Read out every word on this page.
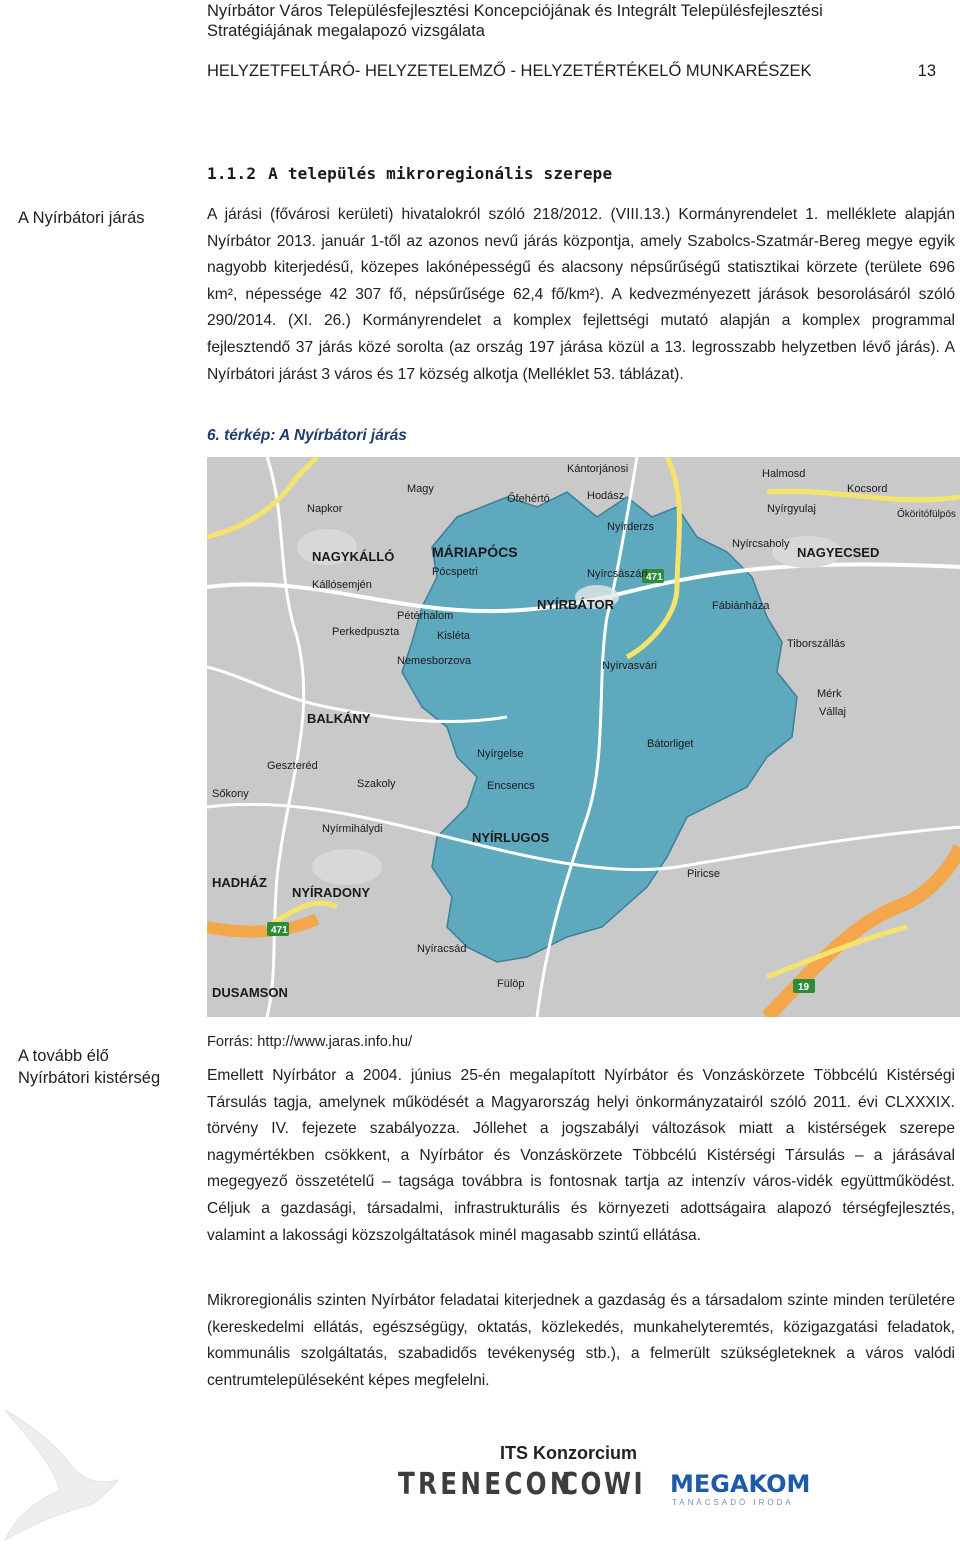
Nyírbátor Város Településfejlesztési Koncepciójának és Integrált Településfejlesztési
Stratégiájának megalapozó vizsgálata
HELYZETFELTÁRÓ- HELYZETELEMZŐ - HELYZETÉRTÉKELŐ MUNKARÉSZEK	13
1.1.2 A település mikroregionális szerepe
A Nyírbátori járás
A tovább élő
Nyírbátori kistérség
A járási (fővárosi kerületi) hivatalokról szóló 218/2012. (VIII.13.) Kormányrendelet 1. melléklete alapján Nyírbátor 2013. január 1-től az azonos nevű járás központja, amely Szabolcs-Szatmár-Bereg megye egyik nagyobb kiterjedésű, közepes lakónépességű és alacsony népsűrűségű statisztikai körzete (területe 696 km², népessége 42 307 fő, népsűrűsége 62,4 fő/km²). A kedvezményezett járások besorolásáról szóló 290/2014. (XI. 26.) Kormányrendelet a komplex fejlettségi mutató alapján a komplex programmal fejlesztendő 37 járás közé sorolta (az ország 197 járása közül a 13. legrosszabb helyzetben lévő járás). A Nyírbátori járást 3 város és 17 község alkotja (Melléklet 53. táblázat).
6. térkép: A Nyírbátori járás
471
19
471
Őfehértó
Magy
Kántorjánosi
Hodász
Napkor
NAGYKÁLLÓ	MÁRIAPÓCS
Pócspetri
Nyírderzs
Nyírcsaholy
NAGYECSED
Kállósemjén
Nyírcsászári
NYÍRBÁTOR	Fábiánháza
Pétérhalom
Kisléta
Tiborszállás
Perkedpuszta
Nemesborzova	Nyírvasvári
Mérk
Vállaj
BALKÁNY
Geszteréd
Nyírgelse
Bátorliget
Szakoly	Encsencs
Nyírmihálydi
NYÍRLUGOS
NYÍRADONY
HADHÁZ
Nyíracsád
Fülöp
DUSAMSON
Sőkony
Nyírgyulaj
Kocsord
Őköritófülpös
Halmosd
Piricse
Forrás: http://www.jaras.info.hu/
Emellett Nyírbátor a 2004. június 25-én megalapított Nyírbátor és Vonzáskörzete Többcélú Kistérségi Társulás tagja, amelynek működését a Magyarország helyi önkormányzatairól szóló 2011. évi CLXXXIX. törvény IV. fejezete szabályozza. Jóllehet a jogszabályi változások miatt a kistérségek szerepe nagymértékben csökkent, a Nyírbátor és Vonzáskörzete Többcélú Kistérségi Társulás – a járásával megegyező összetételű – tagsága továbbra is fontosnak tartja az intenzív város-vidék együttműködést. Céljuk a gazdasági, társadalmi, infrastrukturális és környezeti adottságaira alapozó térségfejlesztés, valamint a lakossági közszolgáltatások minél magasabb szintű ellátása.
Mikroregionális szinten Nyírbátor feladatai kiterjednek a gazdaság és a társadalom szinte minden területére (kereskedelmi ellátás, egészségügy, oktatás, közlekedés, munkahelyteremtés, közigazgatási feladatok, kommunális szolgáltatás, szabadidős tevékenység stb.), a felmerült szükségleteknek a város valódi centrumtelepüléseként képes megfelelni.
ITS Konzorcium
TRENECON
COWI MEGAKOM
TANÁCSADÓ IRODA
